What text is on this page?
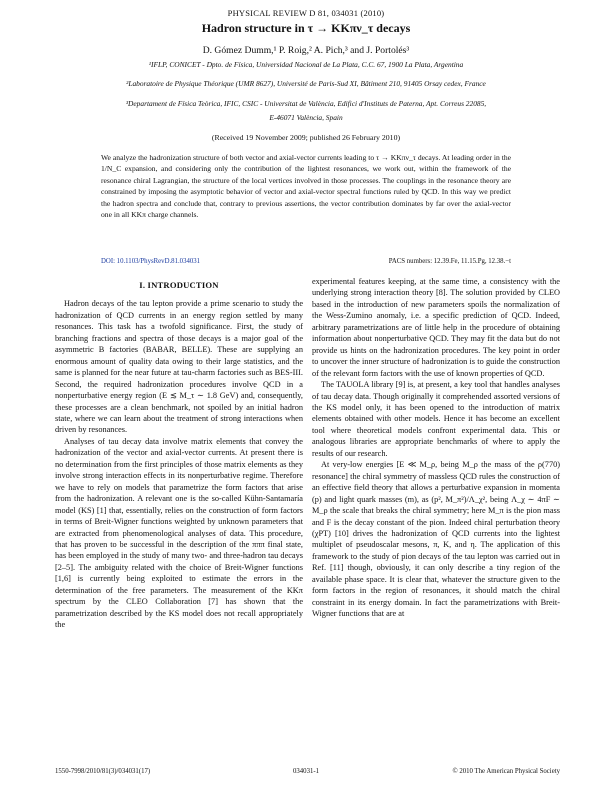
PHYSICAL REVIEW D 81, 034031 (2010)
Hadron structure in τ → KKπν_τ decays
D. Gómez Dumm,¹ P. Roig,² A. Pich,³ and J. Portolés³
¹IFLP, CONICET - Dpto. de Física, Universidad Nacional de La Plata, C.C. 67, 1900 La Plata, Argentina
²Laboratoire de Physique Théorique (UMR 8627), Université de Paris-Sud XI, Bâtiment 210, 91405 Orsay cedex, France
³Departament de Física Teòrica, IFIC, CSIC - Universitat de València, Edifici d'Instituts de Paterna, Apt. Correus 22085,
E-46071 València, Spain
(Received 19 November 2009; published 26 February 2010)
We analyze the hadronization structure of both vector and axial-vector currents leading to τ → KKπν_τ decays. At leading order in the 1/N_C expansion, and considering only the contribution of the lightest resonances, we work out, within the framework of the resonance chiral Lagrangian, the structure of the local vertices involved in those processes. The couplings in the resonance theory are constrained by imposing the asymptotic behavior of vector and axial-vector spectral functions ruled by QCD. In this way we predict the hadron spectra and conclude that, contrary to previous assertions, the vector contribution dominates by far over the axial-vector one in all KKπ charge channels.
DOI: 10.1103/PhysRevD.81.034031	PACS numbers: 12.39.Fe, 11.15.Pg, 12.38.−t
I. INTRODUCTION

Hadron decays of the tau lepton provide a prime scenario to study the hadronization of QCD currents in an energy region settled by many resonances. This task has a twofold significance. First, the study of branching fractions and spectra of those decays is a major goal of the asymmetric B factories (BABAR, BELLE). These are supplying an enormous amount of quality data owing to their large statistics, and the same is planned for the near future at tau-charm factories such as BES-III. Second, the required hadronization procedures involve QCD in a nonperturbative energy region (E ≲ M_τ ∼ 1.8 GeV) and, consequently, these processes are a clean benchmark, not spoiled by an initial hadron state, where we can learn about the treatment of strong interactions when driven by resonances.

Analyses of tau decay data involve matrix elements that convey the hadronization of the vector and axial-vector currents. At present there is no determination from the first principles of those matrix elements as they involve strong interaction effects in its nonperturbative regime. Therefore we have to rely on models that parametrize the form factors that arise from the hadronization. A relevant one is the so-called Kühn-Santamaría model (KS) [1] that, essentially, relies on the construction of form factors in terms of Breit-Wigner functions weighted by unknown parameters that are extracted from phenomenological analyses of data. This procedure, that has proven to be successful in the description of the πππ final state, has been employed in the study of many two- and three-hadron tau decays [2–5]. The ambiguity related with the choice of Breit-Wigner functions [1,6] is currently being exploited to estimate the errors in the determination of the free parameters. The measurement of the KKπ spectrum by the CLEO Collaboration [7] has shown that the parametrization described by the KS model does not recall appropriately the

experimental features keeping, at the same time, a consistency with the underlying strong interaction theory [8]. The solution provided by CLEO based in the introduction of new parameters spoils the normalization of the Wess-Zumino anomaly, i.e. a specific prediction of QCD. Indeed, arbitrary parametrizations are of little help in the procedure of obtaining information about nonperturbative QCD. They may fit the data but do not provide us hints on the hadronization procedures. The key point in order to uncover the inner structure of hadronization is to guide the construction of the relevant form factors with the use of known properties of QCD.

The TAUOLA library [9] is, at present, a key tool that handles analyses of tau decay data. Though originally it comprehended assorted versions of the KS model only, it has been opened to the introduction of matrix elements obtained with other models. Hence it has become an excellent tool where theoretical models confront experimental data. This or analogous libraries are appropriate benchmarks of where to apply the results of our research.

At very-low energies [E ≪ M_ρ, being M_ρ the mass of the ρ(770) resonance] the chiral symmetry of massless QCD rules the construction of an effective field theory that allows a perturbative expansion in momenta (p) and light quark masses (m), as (p², M_π²)/Λ_χ², being Λ_χ ∼ 4πF ∼ M_ρ the scale that breaks the chiral symmetry; here M_π is the pion mass and F is the decay constant of the pion. Indeed chiral perturbation theory (χPT) [10] drives the hadronization of QCD currents into the lightest multiplet of pseudoscalar mesons, π, K, and η. The application of this framework to the study of pion decays of the tau lepton was carried out in Ref. [11] though, obviously, it can only describe a tiny region of the available phase space. It is clear that, whatever the structure given to the form factors in the region of resonances, it should match the chiral constraint in its energy domain. In fact the parametrizations with Breit-Wigner functions that are at

1550-7998/2010/81(3)/034031(17)	034031-1	© 2010 The American Physical Society
